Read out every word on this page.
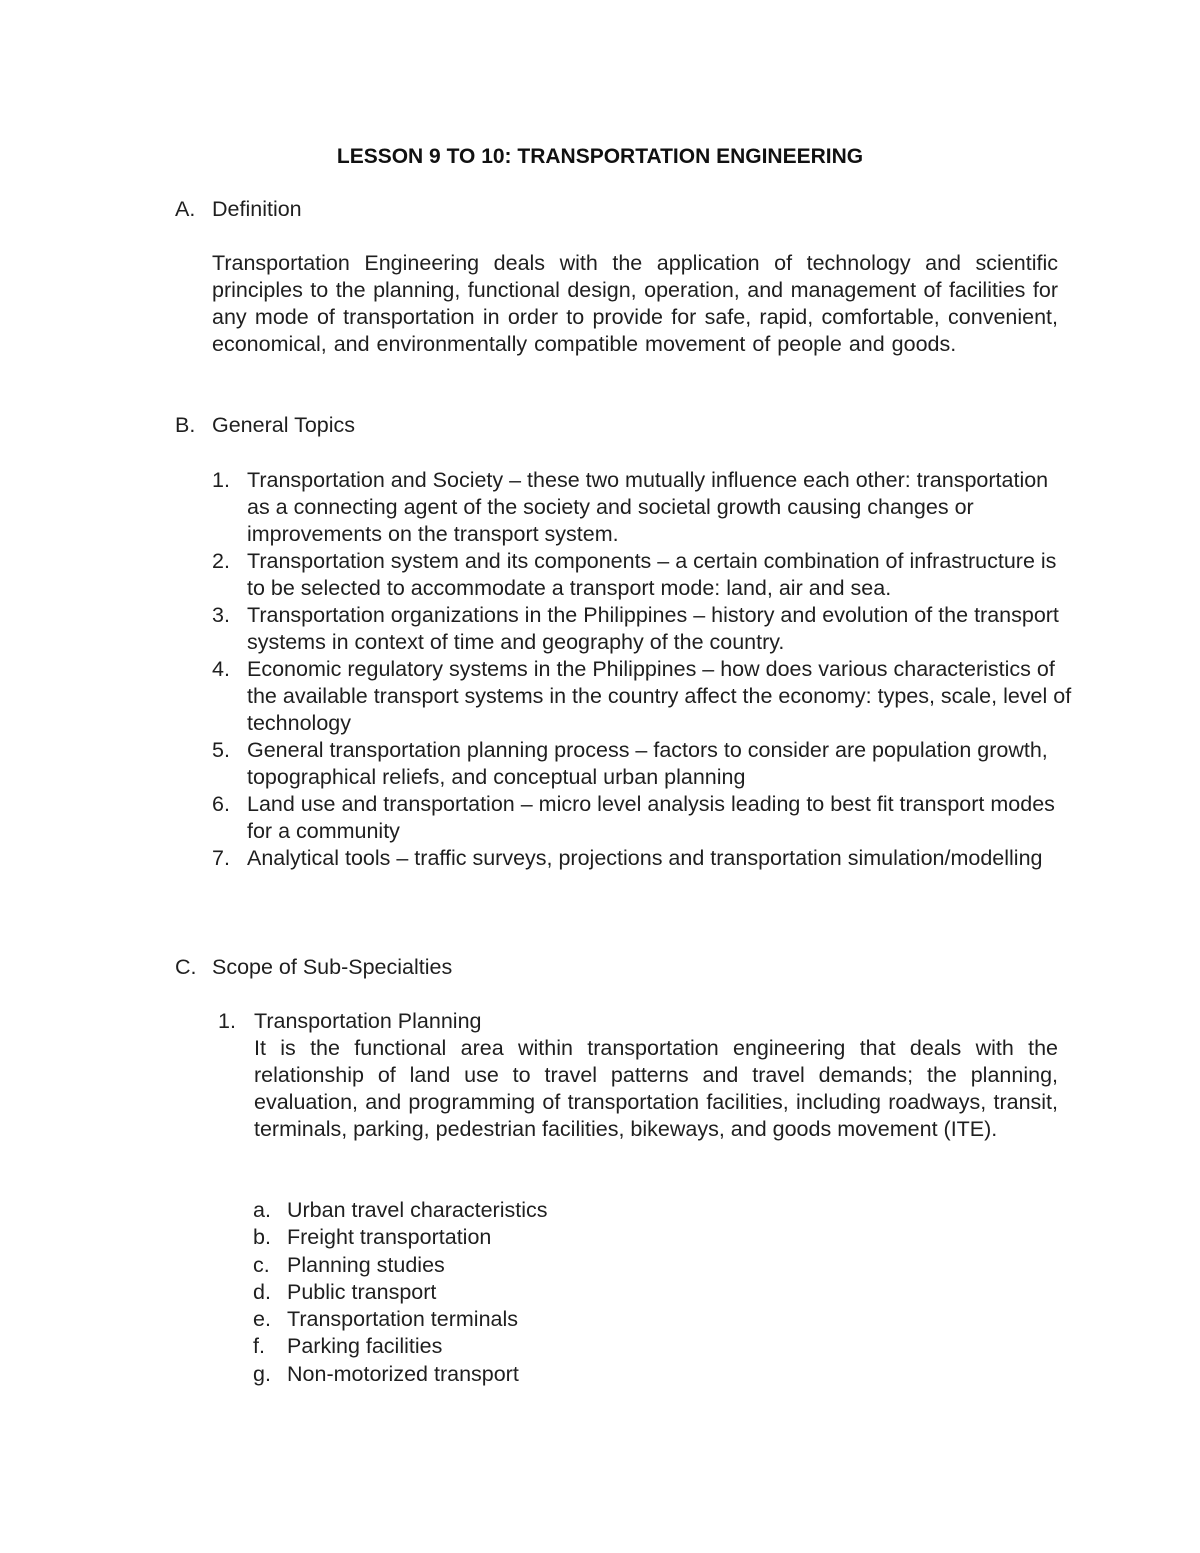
LESSON 9 TO 10: TRANSPORTATION ENGINEERING
A. Definition
Transportation Engineering deals with the application of technology and scientific principles to the planning, functional design, operation, and management of facilities for any mode of transportation in order to provide for safe, rapid, comfortable, convenient, economical, and environmentally compatible movement of people and goods.
B. General Topics
1. Transportation and Society – these two mutually influence each other: transportation as a connecting agent of the society and societal growth causing changes or improvements on the transport system.
2. Transportation system and its components – a certain combination of infrastructure is to be selected to accommodate a transport mode: land, air and sea.
3. Transportation organizations in the Philippines – history and evolution of the transport systems in context of time and geography of the country.
4. Economic regulatory systems in the Philippines – how does various characteristics of the available transport systems in the country affect the economy: types, scale, level of technology
5. General transportation planning process – factors to consider are population growth, topographical reliefs, and conceptual urban planning
6. Land use and transportation – micro level analysis leading to best fit transport modes for a community
7. Analytical tools – traffic surveys, projections and transportation simulation/modelling
C. Scope of Sub-Specialties
1. Transportation Planning
It is the functional area within transportation engineering that deals with the relationship of land use to travel patterns and travel demands; the planning, evaluation, and programming of transportation facilities, including roadways, transit, terminals, parking, pedestrian facilities, bikeways, and goods movement (ITE).
a. Urban travel characteristics
b. Freight transportation
c. Planning studies
d. Public transport
e. Transportation terminals
f. Parking facilities
g. Non-motorized transport
